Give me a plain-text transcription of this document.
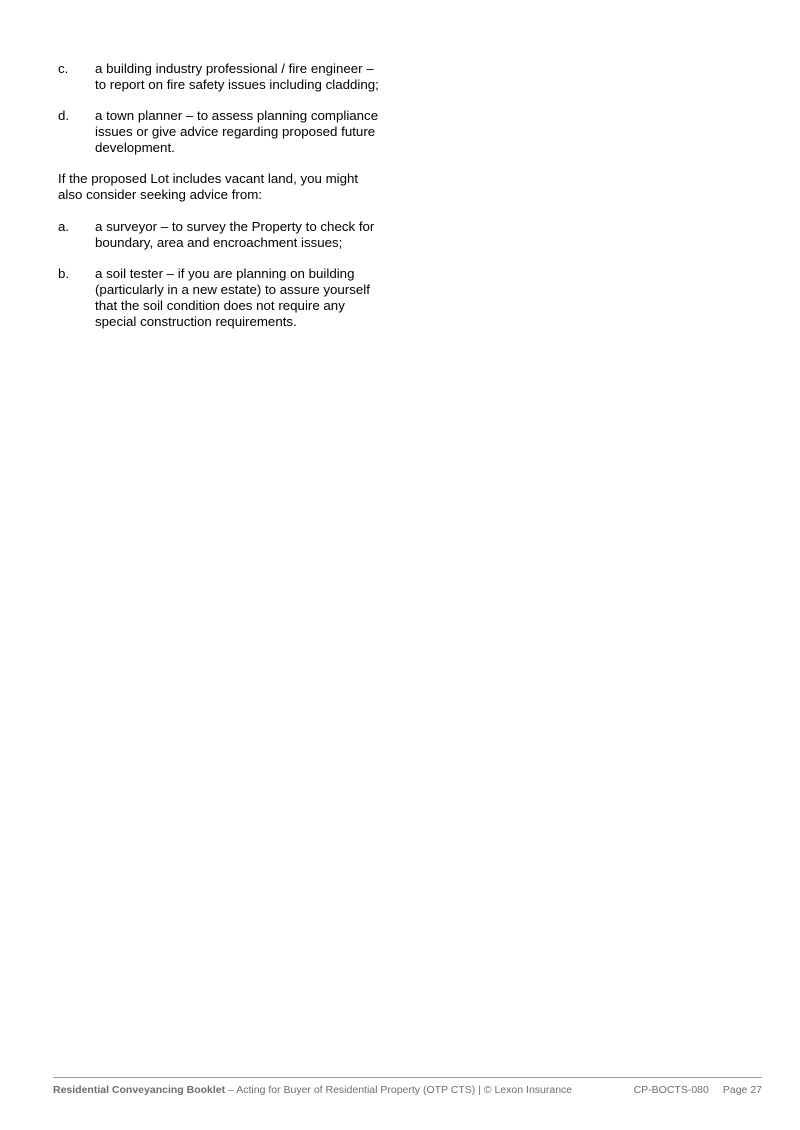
c.	a building industry professional / fire engineer – to report on fire safety issues including cladding;
d.	a town planner – to assess planning compliance issues or give advice regarding proposed future development.

If the proposed Lot includes vacant land, you might also consider seeking advice from:

a.	a surveyor – to survey the Property to check for boundary, area and encroachment issues;
b.	a soil tester – if you are planning on building (particularly in a new estate) to assure yourself that the soil condition does not require any special construction requirements.
Residential Conveyancing Booklet – Acting for Buyer of Residential Property (OTP CTS) | © Lexon Insurance	CP-BOCTS-080 Page 27
